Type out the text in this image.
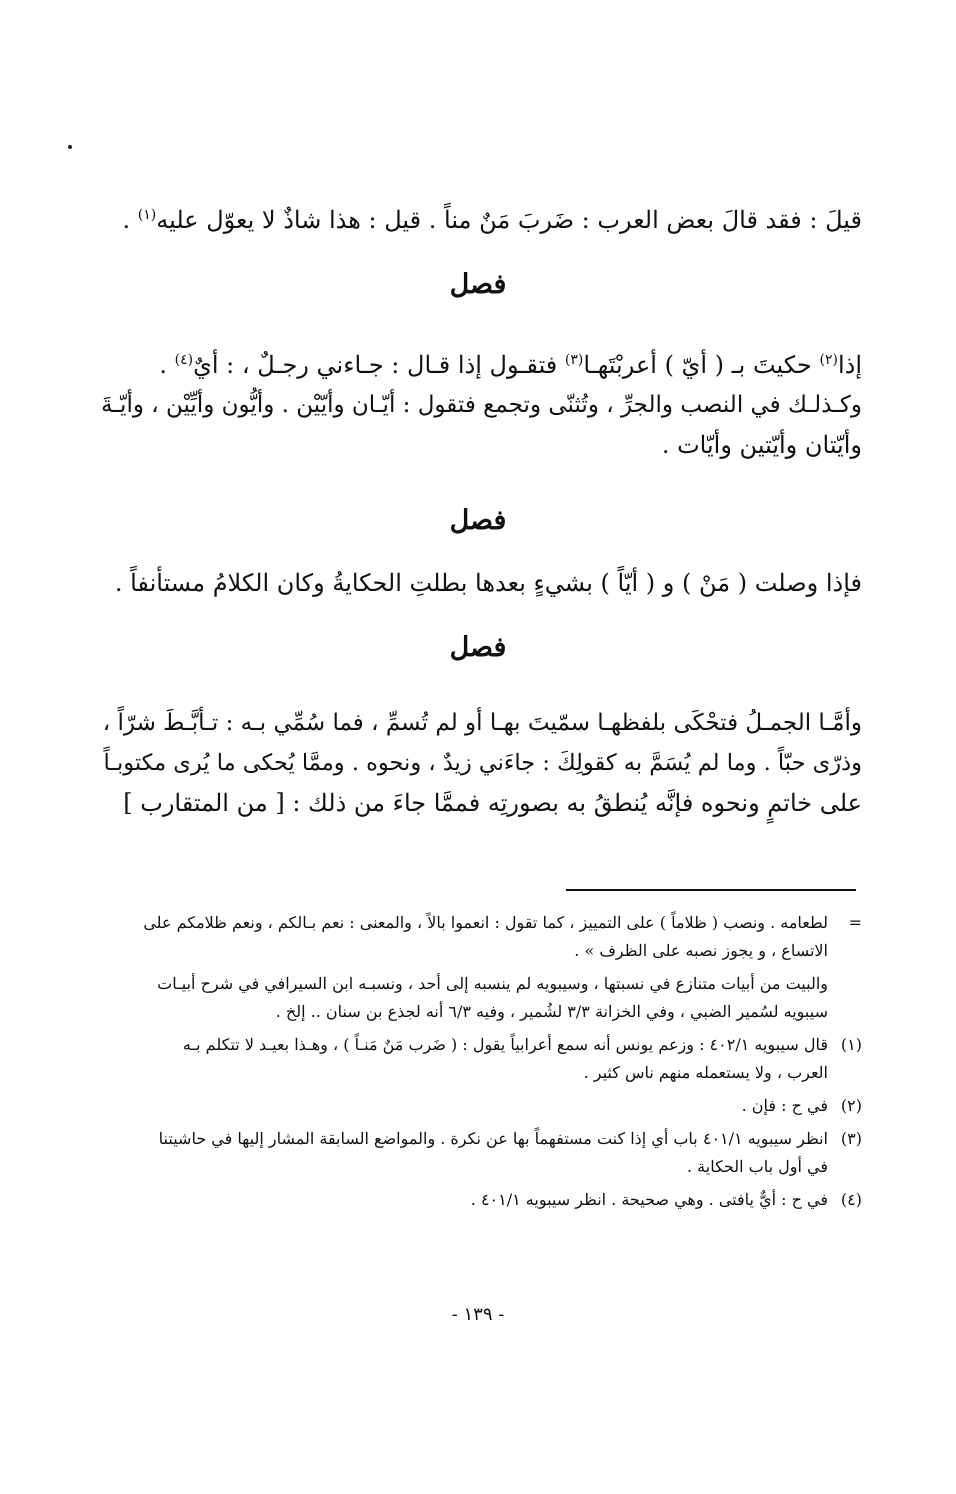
قيلَ : فقد قالَ بعض العرب : ضَربَ مَنٌ مناً . قيل : هذا شاذٌ لا يعوّل عليه$^{(١)}$ .

فصل

إذا$^{(٢)}$ حكيتَ بـ ( أيّ ) أعربْتَهـا$^{(٣)}$ فتقـول إذا قـال : جـاءني رجـلٌ ، : أيٌ$^{(٤)}$ .

وكـذلـك في النصب والجرِّ ، وتُثنّى وتجمع فتقول : أيّـان وأيّيْن . وأيُّون وأيِّيْن ، وأيّـةَ

وأيّتان وأيّتين وأيّات .

فصل

فإذا وصلت ( مَنْ ) و ( أيّاً ) بشيءٍ بعدها بطلتِ الحكايةُ وكان الكلامُ مستأنفاً .

فصل

وأمَّـا الجمـلُ فتحْكَى بلفظهـا سمّيتَ بهـا أو لم تُسمِّ ، فما سُمِّي بـه : تـأبَّـطَ شرّاً ،

وذرّى حبّاً . وما لم يُسَمَّ به كقولِكَ : جاءَني زيدٌ ، ونحوه . وممَّا يُحكى ما يُرى مكتوبـاً

على خاتمٍ ونحوه فإنَّه يُنطقُ به بصورتِه فممَّا جاءَ من ذلك : [ من المتقارب ]

=
لطعامه . ونصب ( ظلاماً ) على التمييز ، كما تقول : انعموا بالاً ، والمعنى : نعم بـالكم ، ونعم ظلامكم على
الاتساع ، و يجوز نصبه على الظرف » .
والبيت من أبيات متنازع في نسبتها ، وسيبويه لم ينسبه إلى أحد ، ونسبـه ابن السيرافي في شرح أبيـات
سيبويه لسُمير الضبي ، وفي الخزانة ٣/٣ لشُمير ، وفيه ٦/٣ أنه لجذع بن سنان .. إلخ .
(١)
قال سيبويه ٤٠٢/١ : وزعم يونس أنه سمع أعرابياً يقول : ( ضَرب مَنٌ مَنـاً ) ، وهـذا بعيـد لا تتكلم بـه
العرب ، ولا يستعمله منهم ناس كثير .
(٢)
في ح : فإن .
(٣)
انظر سيبويه ٤٠١/١ باب أي إذا كنت مستفهماً بها عن نكرة . والمواضع السابقة المشار إليها في حاشيتنا
في أول باب الحكاية .
(٤)
في ح : أيٌّ يافتى . وهي صحيحة . انظر سيبويه ٤٠١/١ .
- ١٣٩ -
